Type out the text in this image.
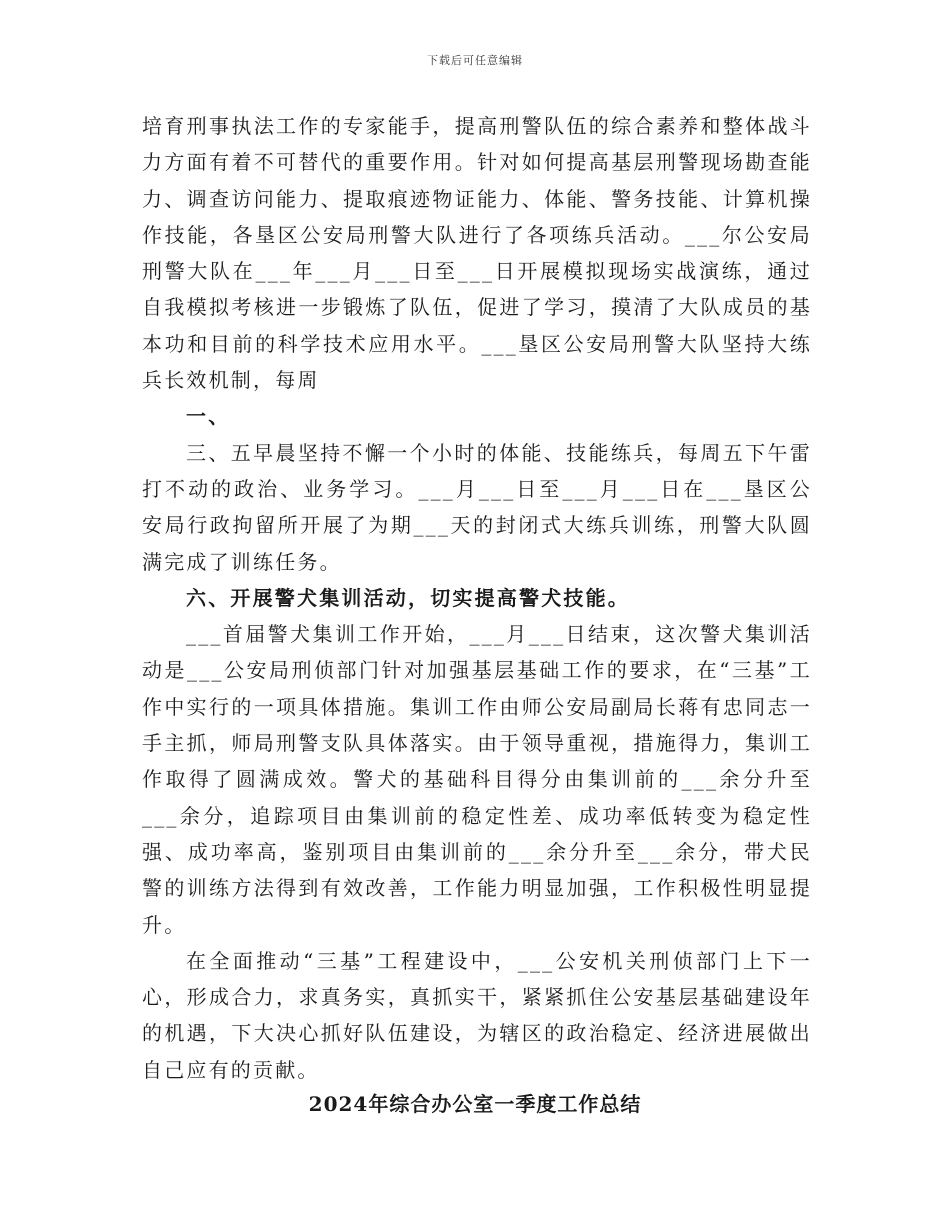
下载后可任意编辑

培育刑事执法工作的专家能手，提高刑警队伍的综合素养和整体战斗力方面有着不可替代的重要作用。针对如何提高基层刑警现场勘查能力、调查访问能力、提取痕迹物证能力、体能、警务技能、计算机操作技能，各垦区公安局刑警大队进行了各项练兵活动。___尔公安局刑警大队在___年___月___日至___日开展模拟现场实战演练，通过自我模拟考核进一步锻炼了队伍，促进了学习，摸清了大队成员的基本功和目前的科学技术应用水平。___垦区公安局刑警大队坚持大练兵长效机制，每周

一、

三、五早晨坚持不懈一个小时的体能、技能练兵，每周五下午雷打不动的政治、业务学习。___月___日至___月___日在___垦区公安局行政拘留所开展了为期___天的封闭式大练兵训练，刑警大队圆满完成了训练任务。

六、开展警犬集训活动，切实提高警犬技能。

___首届警犬集训工作开始，___月___日结束，这次警犬集训活动是___公安局刑侦部门针对加强基层基础工作的要求，在“三基”工作中实行的一项具体措施。集训工作由师公安局副局长蒋有忠同志一手主抓，师局刑警支队具体落实。由于领导重视，措施得力，集训工作取得了圆满成效。警犬的基础科目得分由集训前的___余分升至___余分，追踪项目由集训前的稳定性差、成功率低转变为稳定性强、成功率高，鉴别项目由集训前的___余分升至___余分，带犬民警的训练方法得到有效改善，工作能力明显加强，工作积极性明显提升。

在全面推动“三基”工程建设中，___公安机关刑侦部门上下一心，形成合力，求真务实，真抓实干，紧紧抓住公安基层基础建设年的机遇，下大决心抓好队伍建设，为辖区的政治稳定、经济进展做出自己应有的贡献。

2024年综合办公室一季度工作总结
